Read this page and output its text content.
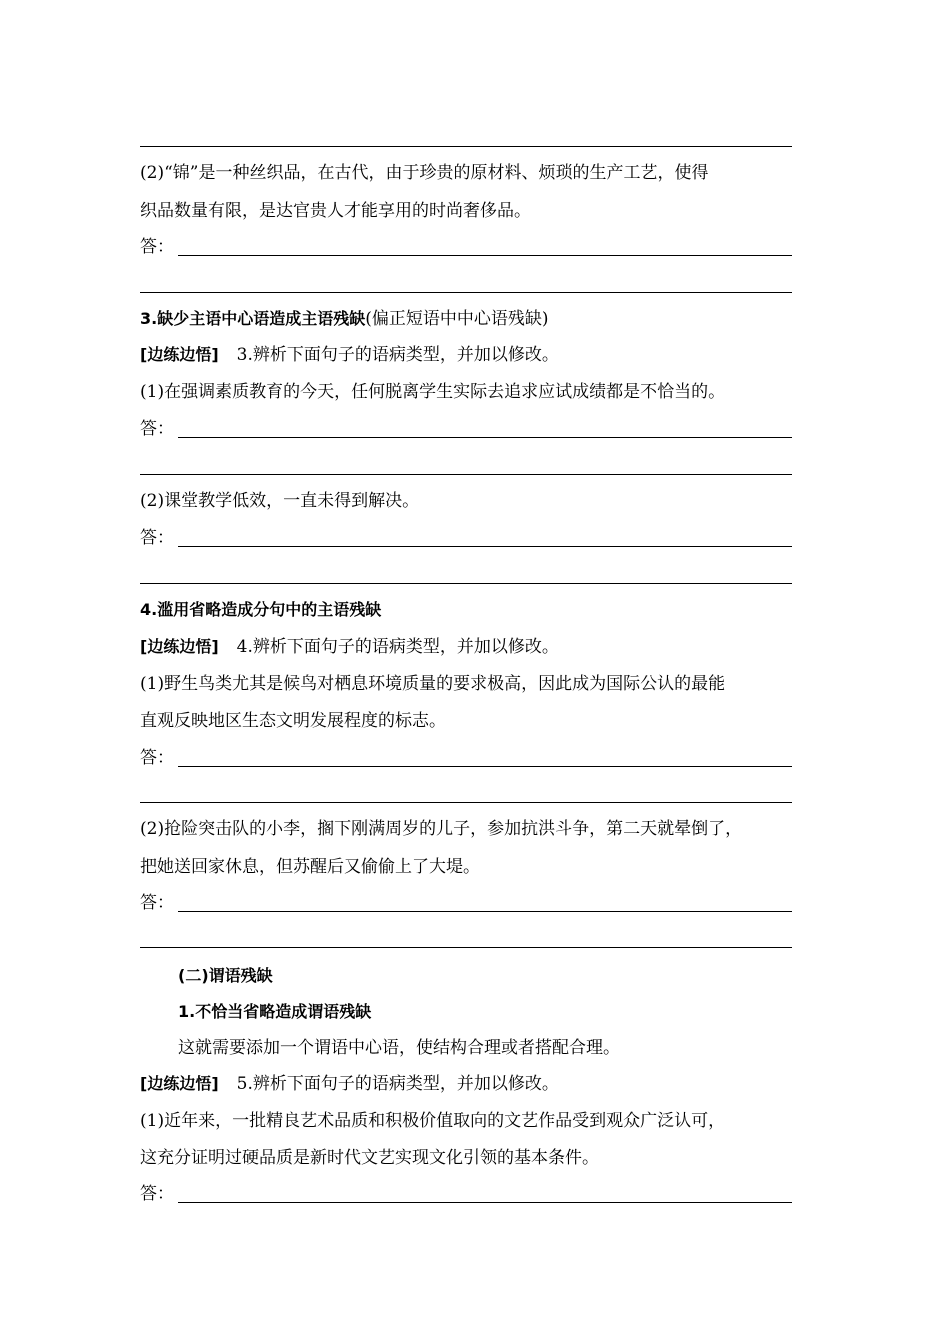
(2)“锦”是一种丝织品，在古代，由于珍贵的原材料、烦琐的生产工艺，使得
织品数量有限，是达官贵人才能享用的时尚奢侈品。
答：
3.缺少主语中心语造成主语残缺(偏正短语中中心语残缺)
[边练边悟] 3.辨析下面句子的语病类型，并加以修改。
(1)在强调素质教育的今天，任何脱离学生实际去追求应试成绩都是不恰当的。
答：
(2)课堂教学低效，一直未得到解决。
答：
4.滥用省略造成分句中的主语残缺
[边练边悟] 4.辨析下面句子的语病类型，并加以修改。
(1)野生鸟类尤其是候鸟对栖息环境质量的要求极高，因此成为国际公认的最能
直观反映地区生态文明发展程度的标志。
答：
(2)抢险突击队的小李，搁下刚满周岁的儿子，参加抗洪斗争，第二天就晕倒了，
把她送回家休息，但苏醒后又偷偷上了大堤。
答：
(二)谓语残缺
1.不恰当省略造成谓语残缺
这就需要添加一个谓语中心语，使结构合理或者搭配合理。
[边练边悟] 5.辨析下面句子的语病类型，并加以修改。
(1)近年来，一批精良艺术品质和积极价值取向的文艺作品受到观众广泛认可，
这充分证明过硬品质是新时代文艺实现文化引领的基本条件。
答：
